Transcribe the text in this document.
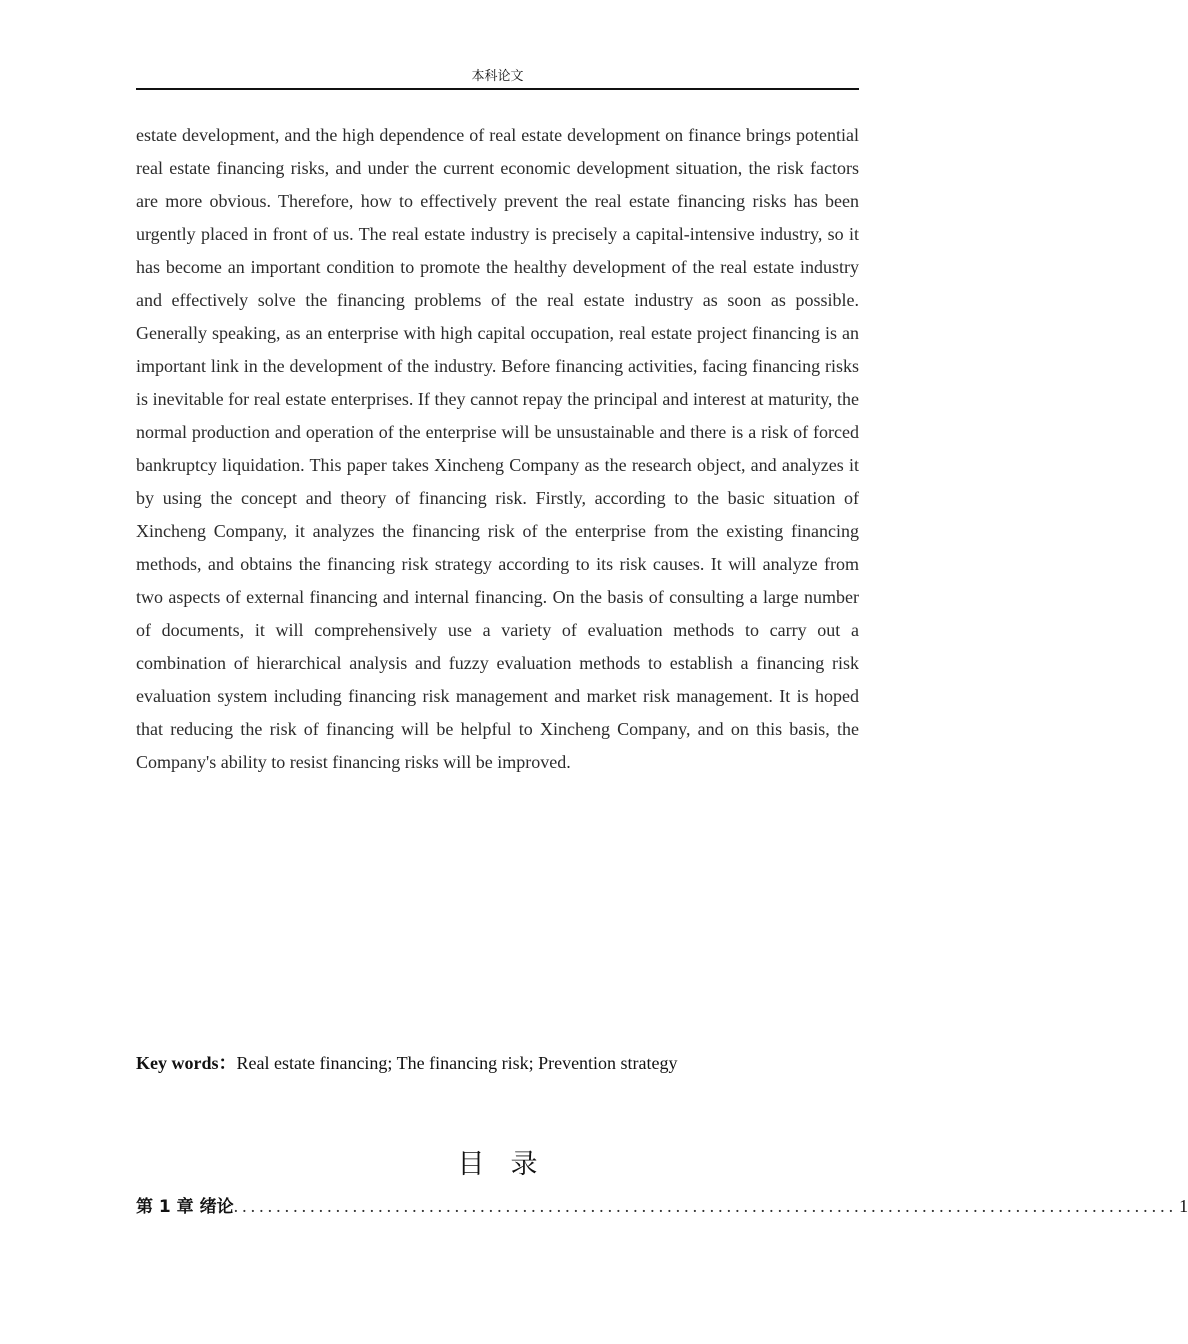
本科论文

estate development, and the high dependence of real estate development on finance brings potential real estate financing risks, and under the current economic development situation, the risk factors are more obvious. Therefore, how to effectively prevent the real estate financing risks has been urgently placed in front of us. The real estate industry is precisely a capital-intensive industry, so it has become an important condition to promote the healthy development of the real estate industry and effectively solve the financing problems of the real estate industry as soon as possible. Generally speaking, as an enterprise with high capital occupation, real estate project financing is an important link in the development of the industry. Before financing activities, facing financing risks is inevitable for real estate enterprises. If they cannot repay the principal and interest at maturity, the normal production and operation of the enterprise will be unsustainable and there is a risk of forced bankruptcy liquidation. This paper takes Xincheng Company as the research object, and analyzes it by using the concept and theory of financing risk. Firstly, according to the basic situation of Xincheng Company, it analyzes the financing risk of the enterprise from the existing financing methods, and obtains the financing risk strategy according to its risk causes. It will analyze from two aspects of external financing and internal financing. On the basis of consulting a large number of documents, it will comprehensively use a variety of evaluation methods to carry out a combination of hierarchical analysis and fuzzy evaluation methods to establish a financing risk evaluation system including financing risk management and market risk management. It is hoped that reducing the risk of financing will be helpful to Xincheng Company, and on this basis, the Company's ability to resist financing risks will be improved.

Key words：Real estate financing; The financing risk; Prevention strategy
目录
第 1 章 绪论 ............................................................................................................... 1
